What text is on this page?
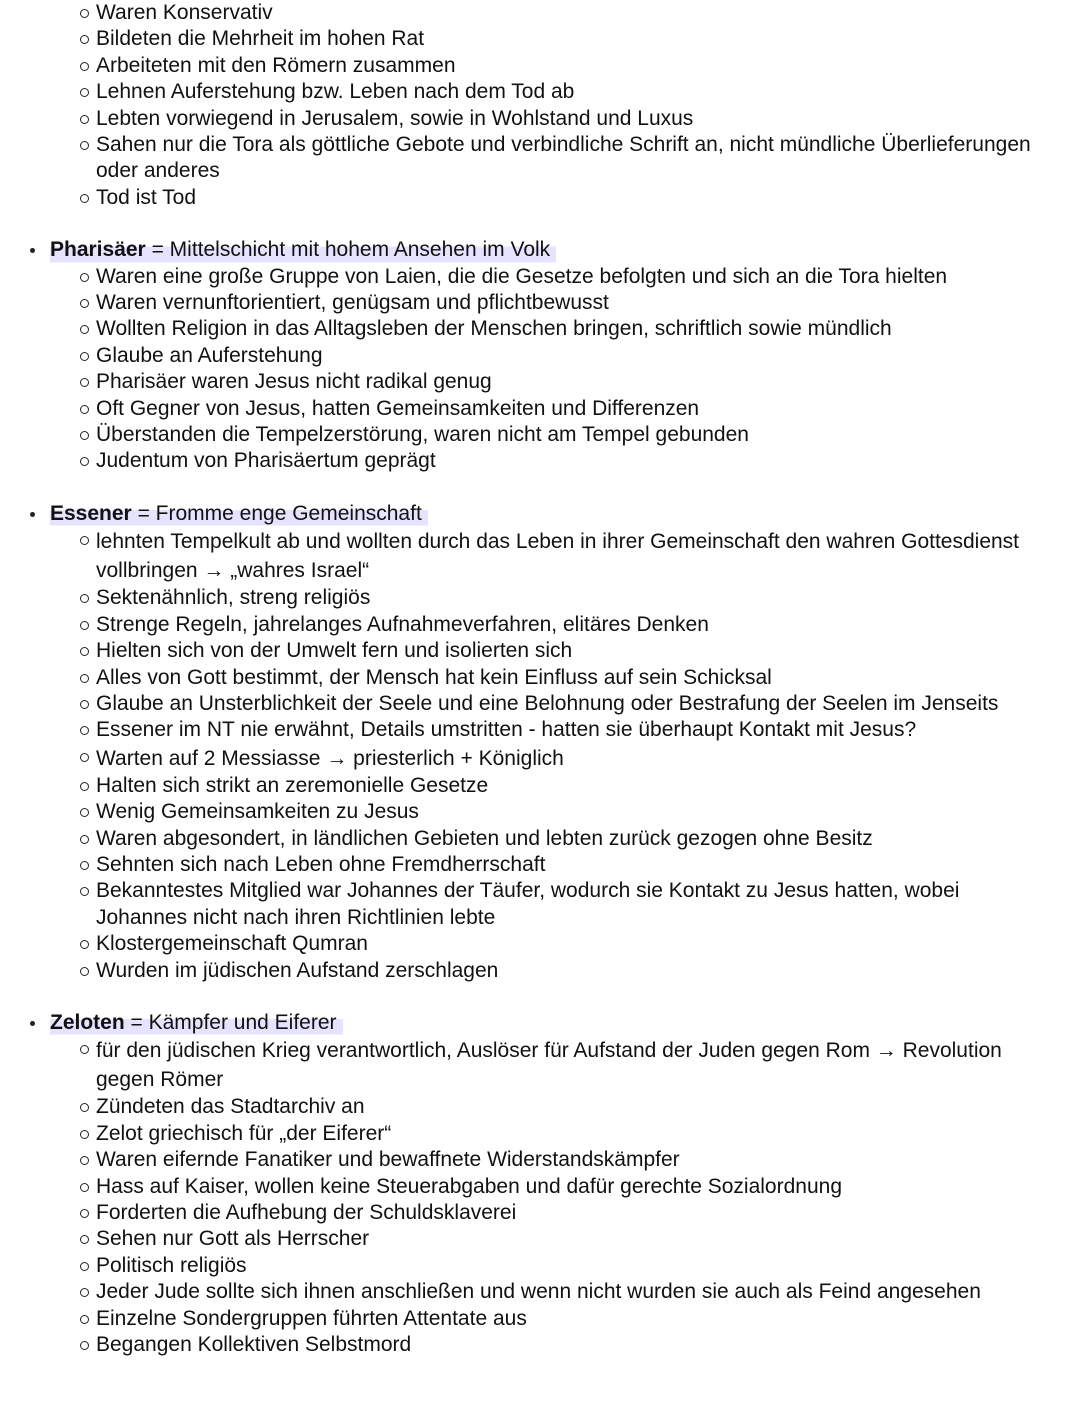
Waren Konservativ
Bildeten die Mehrheit im hohen Rat
Arbeiteten mit den Römern zusammen
Lehnen Auferstehung bzw. Leben nach dem Tod ab
Lebten vorwiegend in Jerusalem, sowie in Wohlstand und Luxus
Sahen nur die Tora als göttliche Gebote und verbindliche Schrift an, nicht mündliche Überlieferungen oder anderes
Tod ist Tod
Pharisäer = Mittelschicht mit hohem Ansehen im Volk
Waren eine große Gruppe von Laien, die die Gesetze befolgten und sich an die Tora hielten
Waren vernunftorientiert, genügsam und pflichtbewusst
Wollten Religion in das Alltagsleben der Menschen bringen, schriftlich sowie mündlich
Glaube an Auferstehung
Pharisäer waren Jesus nicht radikal genug
Oft Gegner von Jesus, hatten Gemeinsamkeiten und Differenzen
Überstanden die Tempelzerstörung, waren nicht am Tempel gebunden
Judentum von Pharisäertum geprägt
Essener = Fromme enge Gemeinschaft
lehnten Tempelkult ab und wollten durch das Leben in ihrer Gemeinschaft den wahren Gottesdienst vollbringen → „wahres Israel“
Sektenähnlich, streng religiös
Strenge Regeln, jahrelanges Aufnahmeverfahren, elitäres Denken
Hielten sich von der Umwelt fern und isolierten sich
Alles von Gott bestimmt, der Mensch hat kein Einfluss auf sein Schicksal
Glaube an Unsterblichkeit der Seele und eine Belohnung oder Bestrafung der Seelen im Jenseits
Essener im NT nie erwähnt, Details umstritten - hatten sie überhaupt Kontakt mit Jesus?
Warten auf 2 Messiasse → priesterlich + Königlich
Halten sich strikt an zeremonielle Gesetze
Wenig Gemeinsamkeiten zu Jesus
Waren abgesondert, in ländlichen Gebieten und lebten zurück gezogen ohne Besitz
Sehnten sich nach Leben ohne Fremdherrschaft
Bekanntestes Mitglied war Johannes der Täufer, wodurch sie Kontakt zu Jesus hatten, wobei Johannes nicht nach ihren Richtlinien lebte
Klostergemeinschaft Qumran
Wurden im jüdischen Aufstand zerschlagen
Zeloten = Kämpfer und Eiferer
für den jüdischen Krieg verantwortlich, Auslöser für Aufstand der Juden gegen Rom → Revolution gegen Römer
Zündeten das Stadtarchiv an
Zelot griechisch für „der Eiferer“
Waren eifernde Fanatiker und bewaffnete Widerstandskämpfer
Hass auf Kaiser, wollen keine Steuerabgaben und dafür gerechte Sozialordnung
Forderten die Aufhebung der Schuldsklaverei
Sehen nur Gott als Herrscher
Politisch religiös
Jeder Jude sollte sich ihnen anschließen und wenn nicht wurden sie auch als Feind angesehen
Einzelne Sondergruppen führten Attentate aus
Begangen Kollektiven Selbstmord
